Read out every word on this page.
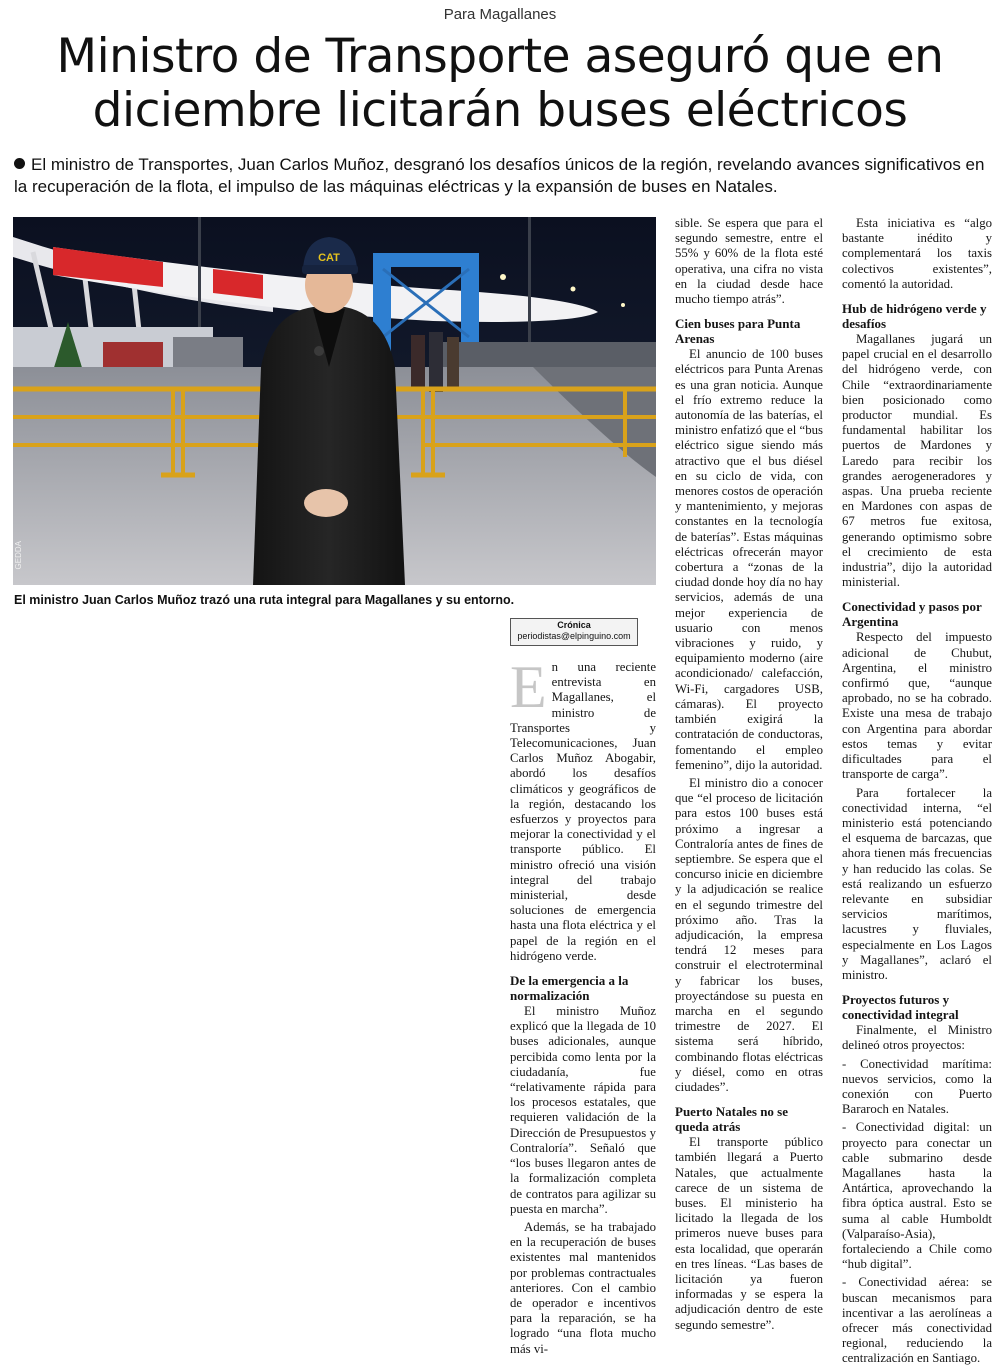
Para Magallanes
Ministro de Transporte aseguró que en diciembre licitarán buses eléctricos
El ministro de Transportes, Juan Carlos Muñoz, desgranó los desafíos únicos de la región, revelando avances significativos en la recuperación de la flota, el impulso de las máquinas eléctricas y la expansión de buses en Natales.
CAT
GEDDA
El ministro Juan Carlos Muñoz trazó una ruta integral para Magallanes y su entorno.
Crónica
periodistas@elpinguino.com

En una reciente entrevista en Magallanes, el ministro de Transportes y Telecomunicaciones, Juan Carlos Muñoz Abogabir, abordó los desafíos climáticos y geográficos de la región, destacando los esfuerzos y proyectos para mejorar la conectividad y el transporte público. El ministro ofreció una visión integral del trabajo ministerial, desde soluciones de emergencia hasta una flota eléctrica y el papel de la región en el hidrógeno verde.

De la emergencia a la normalización

El ministro Muñoz explicó que la llegada de 10 buses adicionales, aunque percibida como lenta por la ciudadanía, fue “relativamente rápida para los procesos estatales, que requieren validación de la Dirección de Presupuestos y Contraloría”. Señaló que “los buses llegaron antes de la formalización completa de contratos para agilizar su puesta en marcha”.

Además, se ha trabajado en la recuperación de buses existentes mal mantenidos por problemas contractuales anteriores. Con el cambio de operador e incentivos para la reparación, se ha logrado “una flota mucho más vi-

sible. Se espera que para el segundo semestre, entre el 55% y 60% de la flota esté operativa, una cifra no vista en la ciudad desde hace mucho tiempo atrás”.

Cien buses para Punta Arenas

El anuncio de 100 buses eléctricos para Punta Arenas es una gran noticia. Aunque el frío extremo reduce la autonomía de las baterías, el ministro enfatizó que el “bus eléctrico sigue siendo más atractivo que el bus diésel en su ciclo de vida, con menores costos de operación y mantenimiento, y mejoras constantes en la tecnología de baterías”. Estas máquinas eléctricas ofrecerán mayor cobertura a “zonas de la ciudad donde hoy día no hay servicios, además de una mejor experiencia de usuario con menos vibraciones y ruido, y equipamiento moderno (aire acondicionado/ calefacción, Wi-Fi, cargadores USB, cámaras). El proyecto también exigirá la contratación de conductoras, fomentando el empleo femenino”, dijo la autoridad.

El ministro dio a conocer que “el proceso de licitación para estos 100 buses está próximo a ingresar a Contraloría antes de fines de septiembre. Se espera que el concurso inicie en diciembre y la adjudicación se realice en el segundo trimestre del próximo año. Tras la adjudicación, la empresa tendrá 12 meses para construir el electroterminal y fabricar los buses, proyectándose su puesta en marcha en el segundo trimestre de 2027. El sistema será híbrido, combinando flotas eléctricas y diésel, como en otras ciudades”.

Puerto Natales no se queda atrás

El transporte público también llegará a Puerto Natales, que actualmente carece de un sistema de buses. El ministerio ha licitado la llegada de los primeros nueve buses para esta localidad, que operarán en tres líneas. “Las bases de licitación ya fueron informadas y se espera la adjudicación dentro de este segundo semestre”.

Esta iniciativa es “algo bastante inédito y complementará los taxis colectivos existentes”, comentó la autoridad.

Hub de hidrógeno verde y desafíos

Magallanes jugará un papel crucial en el desarrollo del hidrógeno verde, con Chile “extraordinariamente bien posicionado como productor mundial. Es fundamental habilitar los puertos de Mardones y Laredo para recibir los grandes aerogeneradores y aspas. Una prueba reciente en Mardones con aspas de 67 metros fue exitosa, generando optimismo sobre el crecimiento de esta industria”, dijo la autoridad ministerial.

Conectividad y pasos por Argentina

Respecto del impuesto adicional de Chubut, Argentina, el ministro confirmó que, “aunque aprobado, no se ha cobrado. Existe una mesa de trabajo con Argentina para abordar estos temas y evitar dificultades para el transporte de carga”.

Para fortalecer la conectividad interna, “el ministerio está potenciando el esquema de barcazas, que ahora tienen más frecuencias y han reducido las colas. Se está realizando un esfuerzo relevante en subsidiar servicios marítimos, lacustres y fluviales, especialmente en Los Lagos y Magallanes”, aclaró el ministro.

Proyectos futuros y conectividad integral

Finalmente, el Ministro delineó otros proyectos:

- Conectividad marítima: nuevos servicios, como la conexión con Puerto Bararoch en Natales.

- Conectividad digital: un proyecto para conectar un cable submarino desde Magallanes hasta la Antártica, aprovechando la fibra óptica austral. Esto se suma al cable Humboldt (Valparaíso-Asia), fortaleciendo a Chile como “hub digital”.

- Conectividad aérea: se buscan mecanismos para incentivar a las aerolíneas a ofrecer más conectividad regional, reduciendo la centralización en Santiago.
